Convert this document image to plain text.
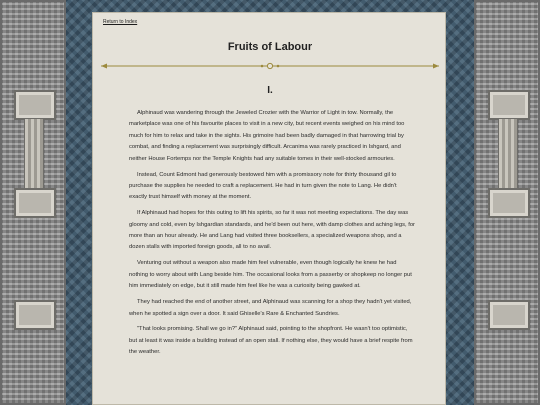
Return to Index
Fruits of Labour
I.

Alphinaud was wandering through the Jeweled Crozier with the Warrior of Light in tow. Normally, the marketplace was one of his favourite places to visit in a new city, but recent events weighed on his mind too much for him to relax and take in the sights. His grimoire had been badly damaged in that harrowing trial by combat, and finding a replacement was surprisingly difficult. Arcanima was rarely practiced in Ishgard, and neither House Fortemps nor the Temple Knights had any suitable tomes in their well-stocked armouries.

Instead, Count Edmont had generously bestowed him with a promissory note for thirty thousand gil to purchase the supplies he needed to craft a replacement. He had in turn given the note to Lang. He didn't exactly trust himself with money at the moment.

If Alphinaud had hopes for this outing to lift his spirits, so far it was not meeting expectations. The day was gloomy and cold, even by Ishgardian standards, and he'd been out here, with damp clothes and aching legs, for more than an hour already. He and Lang had visited three booksellers, a specialized weapons shop, and a dozen stalls with imported foreign goods, all to no avail.

Venturing out without a weapon also made him feel vulnerable, even though logically he knew he had nothing to worry about with Lang beside him. The occasional looks from a passerby or shopkeep no longer put him immediately on edge, but it still made him feel like he was a curiosity being gawked at.

They had reached the end of another street, and Alphinaud was scanning for a shop they hadn't yet visited, when he spotted a sign over a door. It said Ghiselle's Rare & Enchanted Sundries.

"That looks promising. Shall we go in?" Alphinaud said, pointing to the shopfront. He wasn't too optimistic, but at least it was inside a building instead of an open stall. If nothing else, they would have a brief respite from the weather.
